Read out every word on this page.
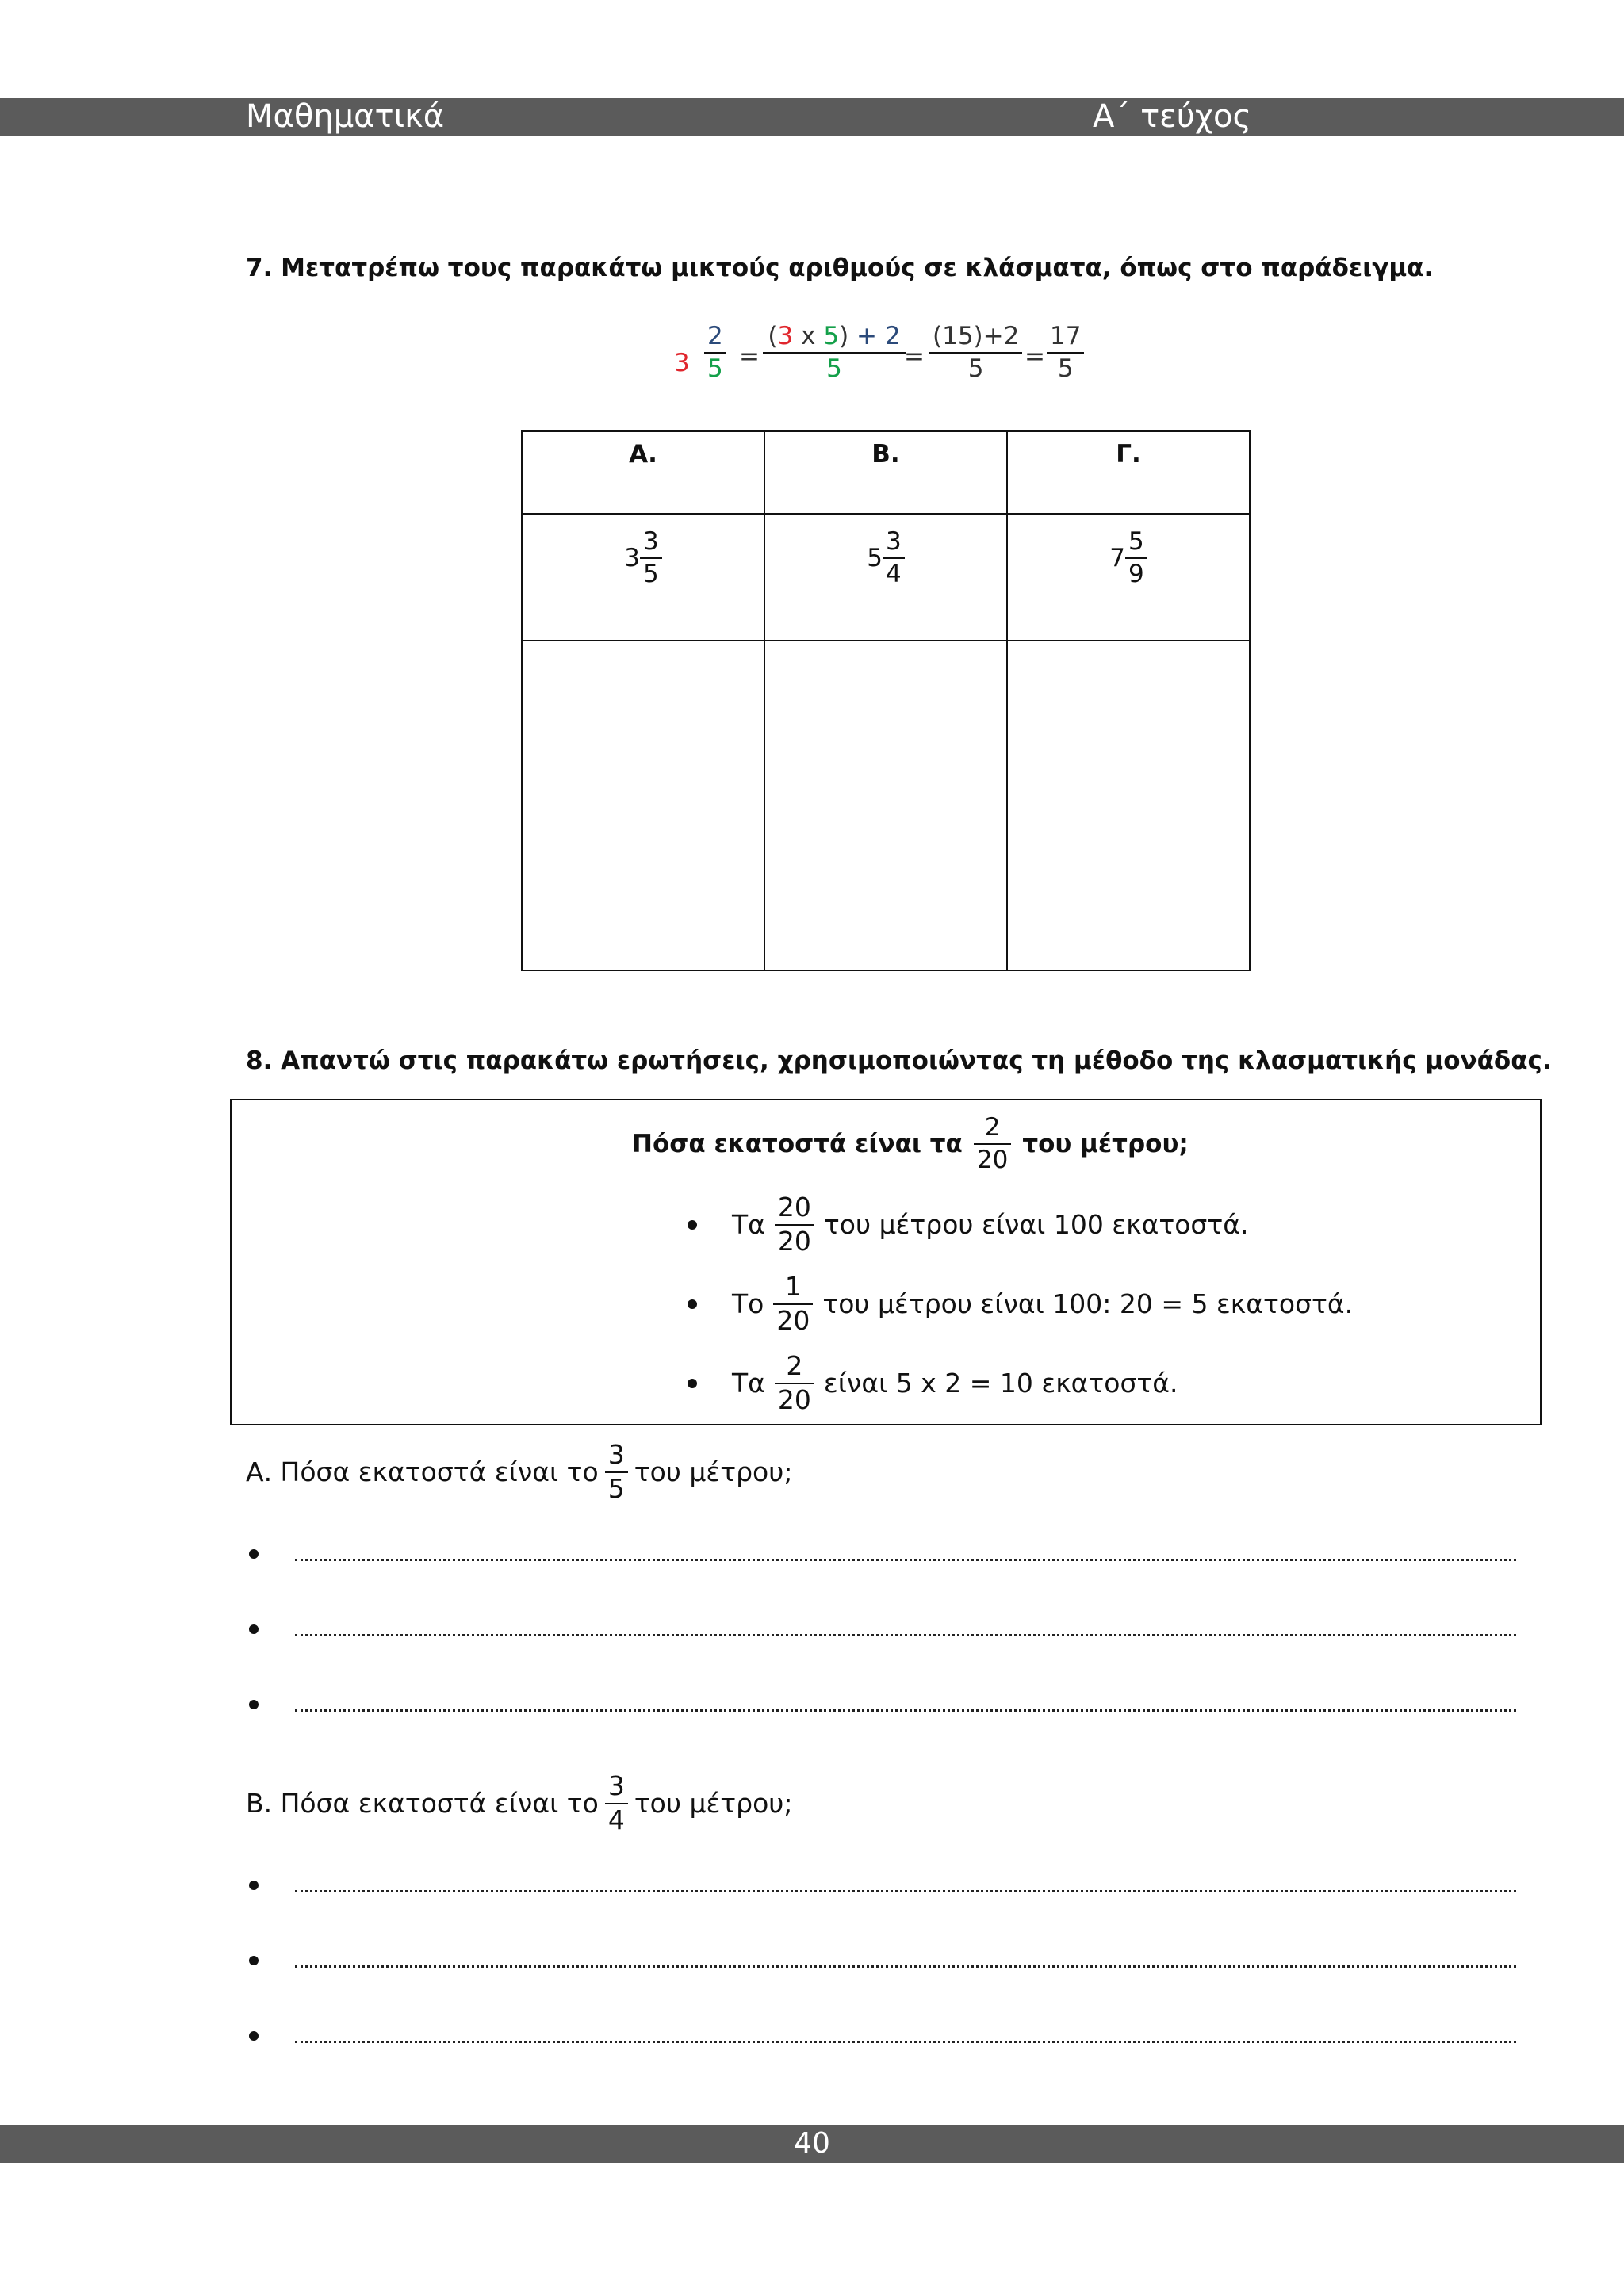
Μαθηματικά	Α΄ τεύχος
7. Μετατρέπω τους παρακάτω μικτούς αριθμούς σε κλάσματα, όπως στο παράδειγμα.
$3 \frac{2}{5} = \frac{(3 x 5) + 2}{5}$
= $\frac{(15)+2}{5} = \frac{17}{5}$
Α.	Β.	Γ.

$3 \frac{3}{5}$	$5 \frac{3}{4}$	$7 \frac{5}{9}$

8. Απαντώ στις παρακάτω ερωτήσεις, χρησιμοποιώντας τη μέθοδο της κλασματικής μονάδας.
Πόσα εκατοστά είναι τα $\frac{2}{20}$ του μέτρου;
Τα $\frac{20}{20}$ του μέτρου είναι 100 εκατοστά.
Το $\frac{1}{20}$ του μέτρου είναι 100: 20 = 5 εκατοστά.
Τα $\frac{2}{20}$ είναι 5 x 2 = 10 εκατοστά.
Α. Πόσα εκατοστά είναι το $\frac{3}{5}$ του μέτρου;
Β. Πόσα εκατοστά είναι το $\frac{3}{4}$ του μέτρου;
40
